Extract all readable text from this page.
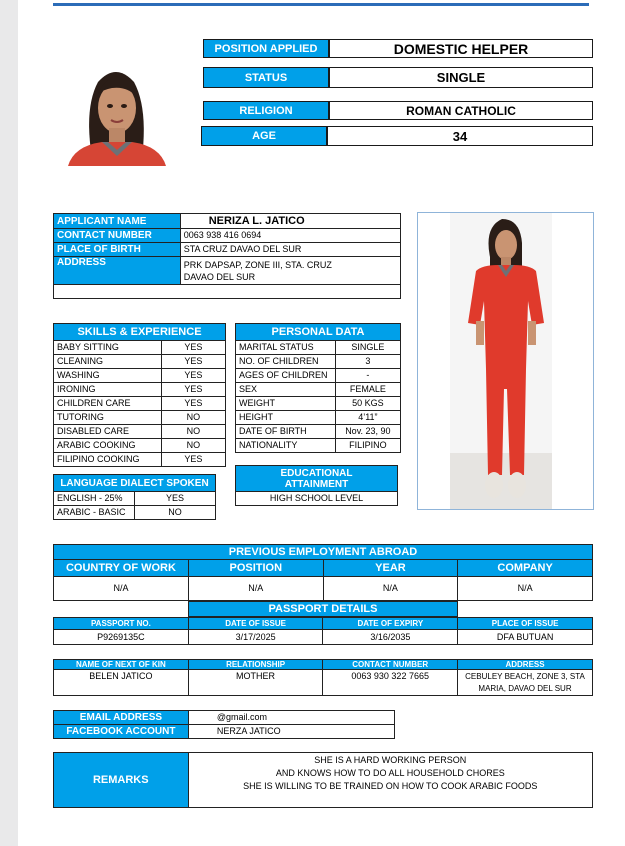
POSITION APPLIED	DOMESTIC HELPER
STATUS	SINGLE
RELIGION	ROMAN CATHOLIC
AGE	34
APPLICANT NAME	NERIZA L. JATICO
CONTACT NUMBER	0063 938 416 0694
PLACE OF BIRTH	STA CRUZ DAVAO DEL SUR
ADDRESS	PRK DAPSAP, ZONE III, STA. CRUZ
DAVAO DEL SUR

SKILLS & EXPERIENCE	
BABY SITTING	YES
CLEANING	YES
WASHING	YES
IRONING	YES
CHILDREN CARE	YES
TUTORING	NO
DISABLED CARE	NO
ARABIC COOKING	NO
FILIPINO COOKING	YES
PERSONAL DATA	
MARITAL STATUS	SINGLE
NO. OF CHILDREN	3
AGES OF CHILDREN	-
SEX	FEMALE
WEIGHT	50 KGS
HEIGHT	4’11”
DATE OF BIRTH	Nov. 23, 90
NATIONALITY	FILIPINO
EDUCATIONAL
ATTAINMENT

HIGH SCHOOL LEVEL
LANGUAGE DIALECT SPOKEN	
ENGLISH - 25%	YES
ARABIC - BASIC	NO
PREVIOUS EMPLOYMENT ABROAD			
COUNTRY OF WORK	POSITION	YEAR	COMPANY
N/A	N/A	N/A	N/A
PASSPORT DETAILS
PASSPORT NO.	DATE OF ISSUE	DATE OF EXPIRY	PLACE OF ISSUE
P9269135C	3/17/2025	3/16/2035	DFA BUTUAN
NAME OF NEXT OF KIN	RELATIONSHIP	CONTACT NUMBER	ADDRESS
BELEN JATICO	MOTHER	0063 930 322 7665	CEBULEY BEACH, ZONE 3, STA
MARIA, DAVAO DEL SUR
EMAIL ADDRESS	@gmail.com
FACEBOOK ACCOUNT	NERZA JATICO
REMARKS	
SHE IS A HARD WORKING PERSON
AND KNOWS HOW TO DO ALL HOUSEHOLD CHORES
SHE IS WILLING TO BE TRAINED ON HOW TO COOK ARABIC FOODS
